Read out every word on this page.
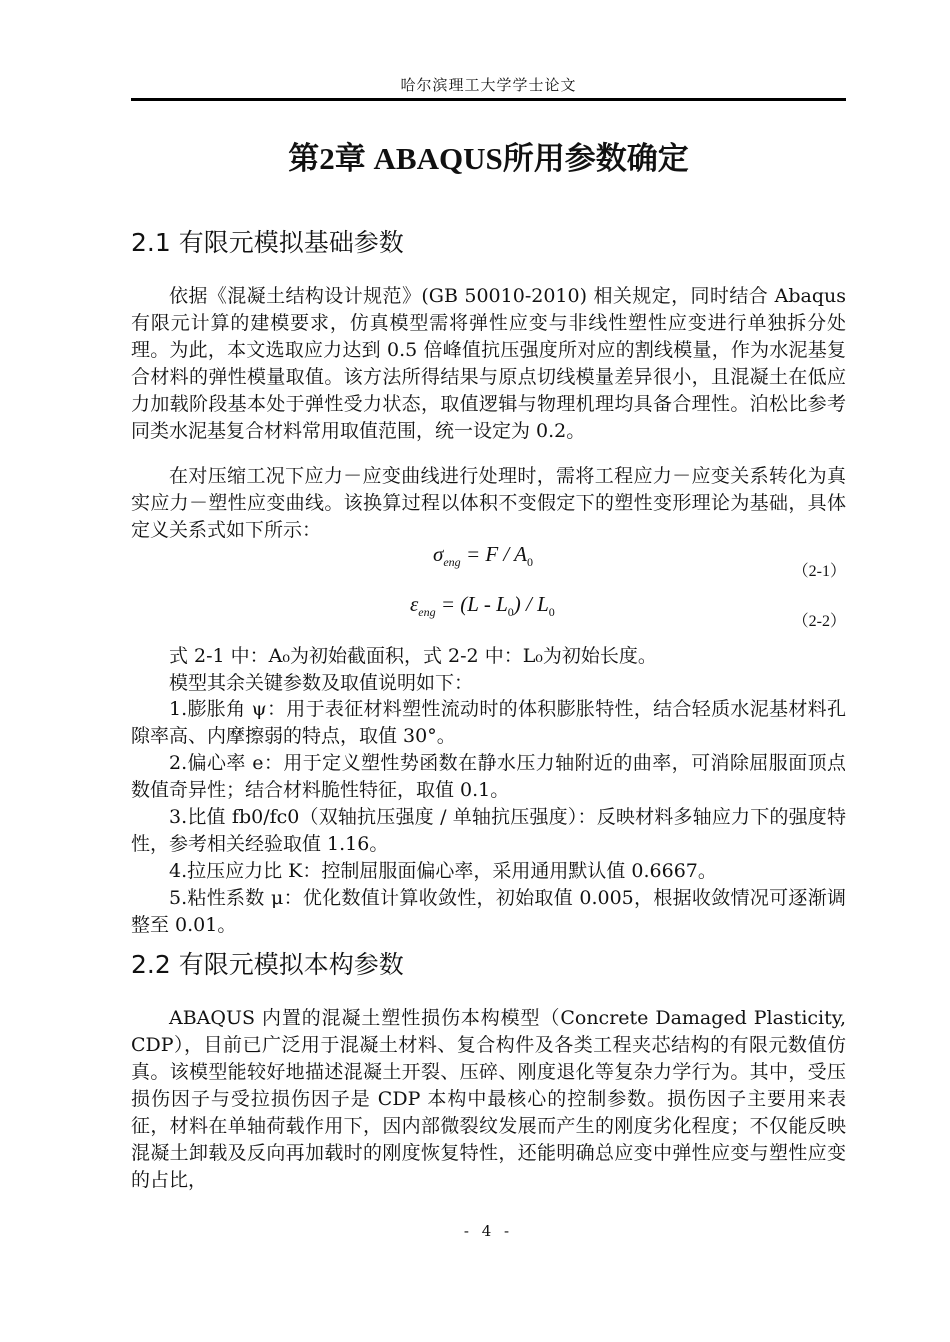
哈尔滨理工大学学士论文
第2章 ABAQUS所用参数确定
2.1 有限元模拟基础参数

依据《混凝土结构设计规范》(GB 50010-2010) 相关规定，同时结合 Abaqus 有限元计算的建模要求，仿真模型需将弹性应变与非线性塑性应变进行单独拆分处理。为此，本文选取应力达到 0.5 倍峰值抗压强度所对应的割线模量，作为水泥基复合材料的弹性模量取值。该方法所得结果与原点切线模量差异很小，且混凝土在低应力加载阶段基本处于弹性受力状态，取值逻辑与物理机理均具备合理性。泊松比参考同类水泥基复合材料常用取值范围，统一设定为 0.2。

在对压缩工况下应力－应变曲线进行处理时，需将工程应力－应变关系转化为真实应力－塑性应变曲线。该换算过程以体积不变假定下的塑性变形理论为基础，具体定义关系式如下所示：

$\sigma_{eng} = F / A_0$
（2-1）
$\varepsilon_{eng} = (L - L_0) / L_0$
（2-2）

式 2-1 中：A₀为初始截面积，式 2-2 中：L₀为初始长度。

模型其余关键参数及取值说明如下：

1.膨胀角 ψ：用于表征材料塑性流动时的体积膨胀特性，结合轻质水泥基材料孔隙率高、内摩擦弱的特点，取值 30°。

2.偏心率 e：用于定义塑性势函数在静水压力轴附近的曲率，可消除屈服面顶点数值奇异性；结合材料脆性特征，取值 0.1。

3.比值 fb0/fc0（双轴抗压强度 / 单轴抗压强度）：反映材料多轴应力下的强度特性，参考相关经验取值 1.16。

4.拉压应力比 K：控制屈服面偏心率，采用通用默认值 0.6667。

5.粘性系数 μ：优化数值计算收敛性，初始取值 0.005，根据收敛情况可逐渐调整至 0.01。

2.2 有限元模拟本构参数

ABAQUS 内置的混凝土塑性损伤本构模型（Concrete Damaged Plasticity, CDP），目前已广泛用于混凝土材料、复合构件及各类工程夹芯结构的有限元数值仿真。该模型能较好地描述混凝土开裂、压碎、刚度退化等复杂力学行为。其中，受压损伤因子与受拉损伤因子是 CDP 本构中最核心的控制参数。损伤因子主要用来表征，材料在单轴荷载作用下，因内部微裂纹发展而产生的刚度劣化程度；不仅能反映混凝土卸载及反向再加载时的刚度恢复特性，还能明确总应变中弹性应变与塑性应变的占比，

- 4 -
